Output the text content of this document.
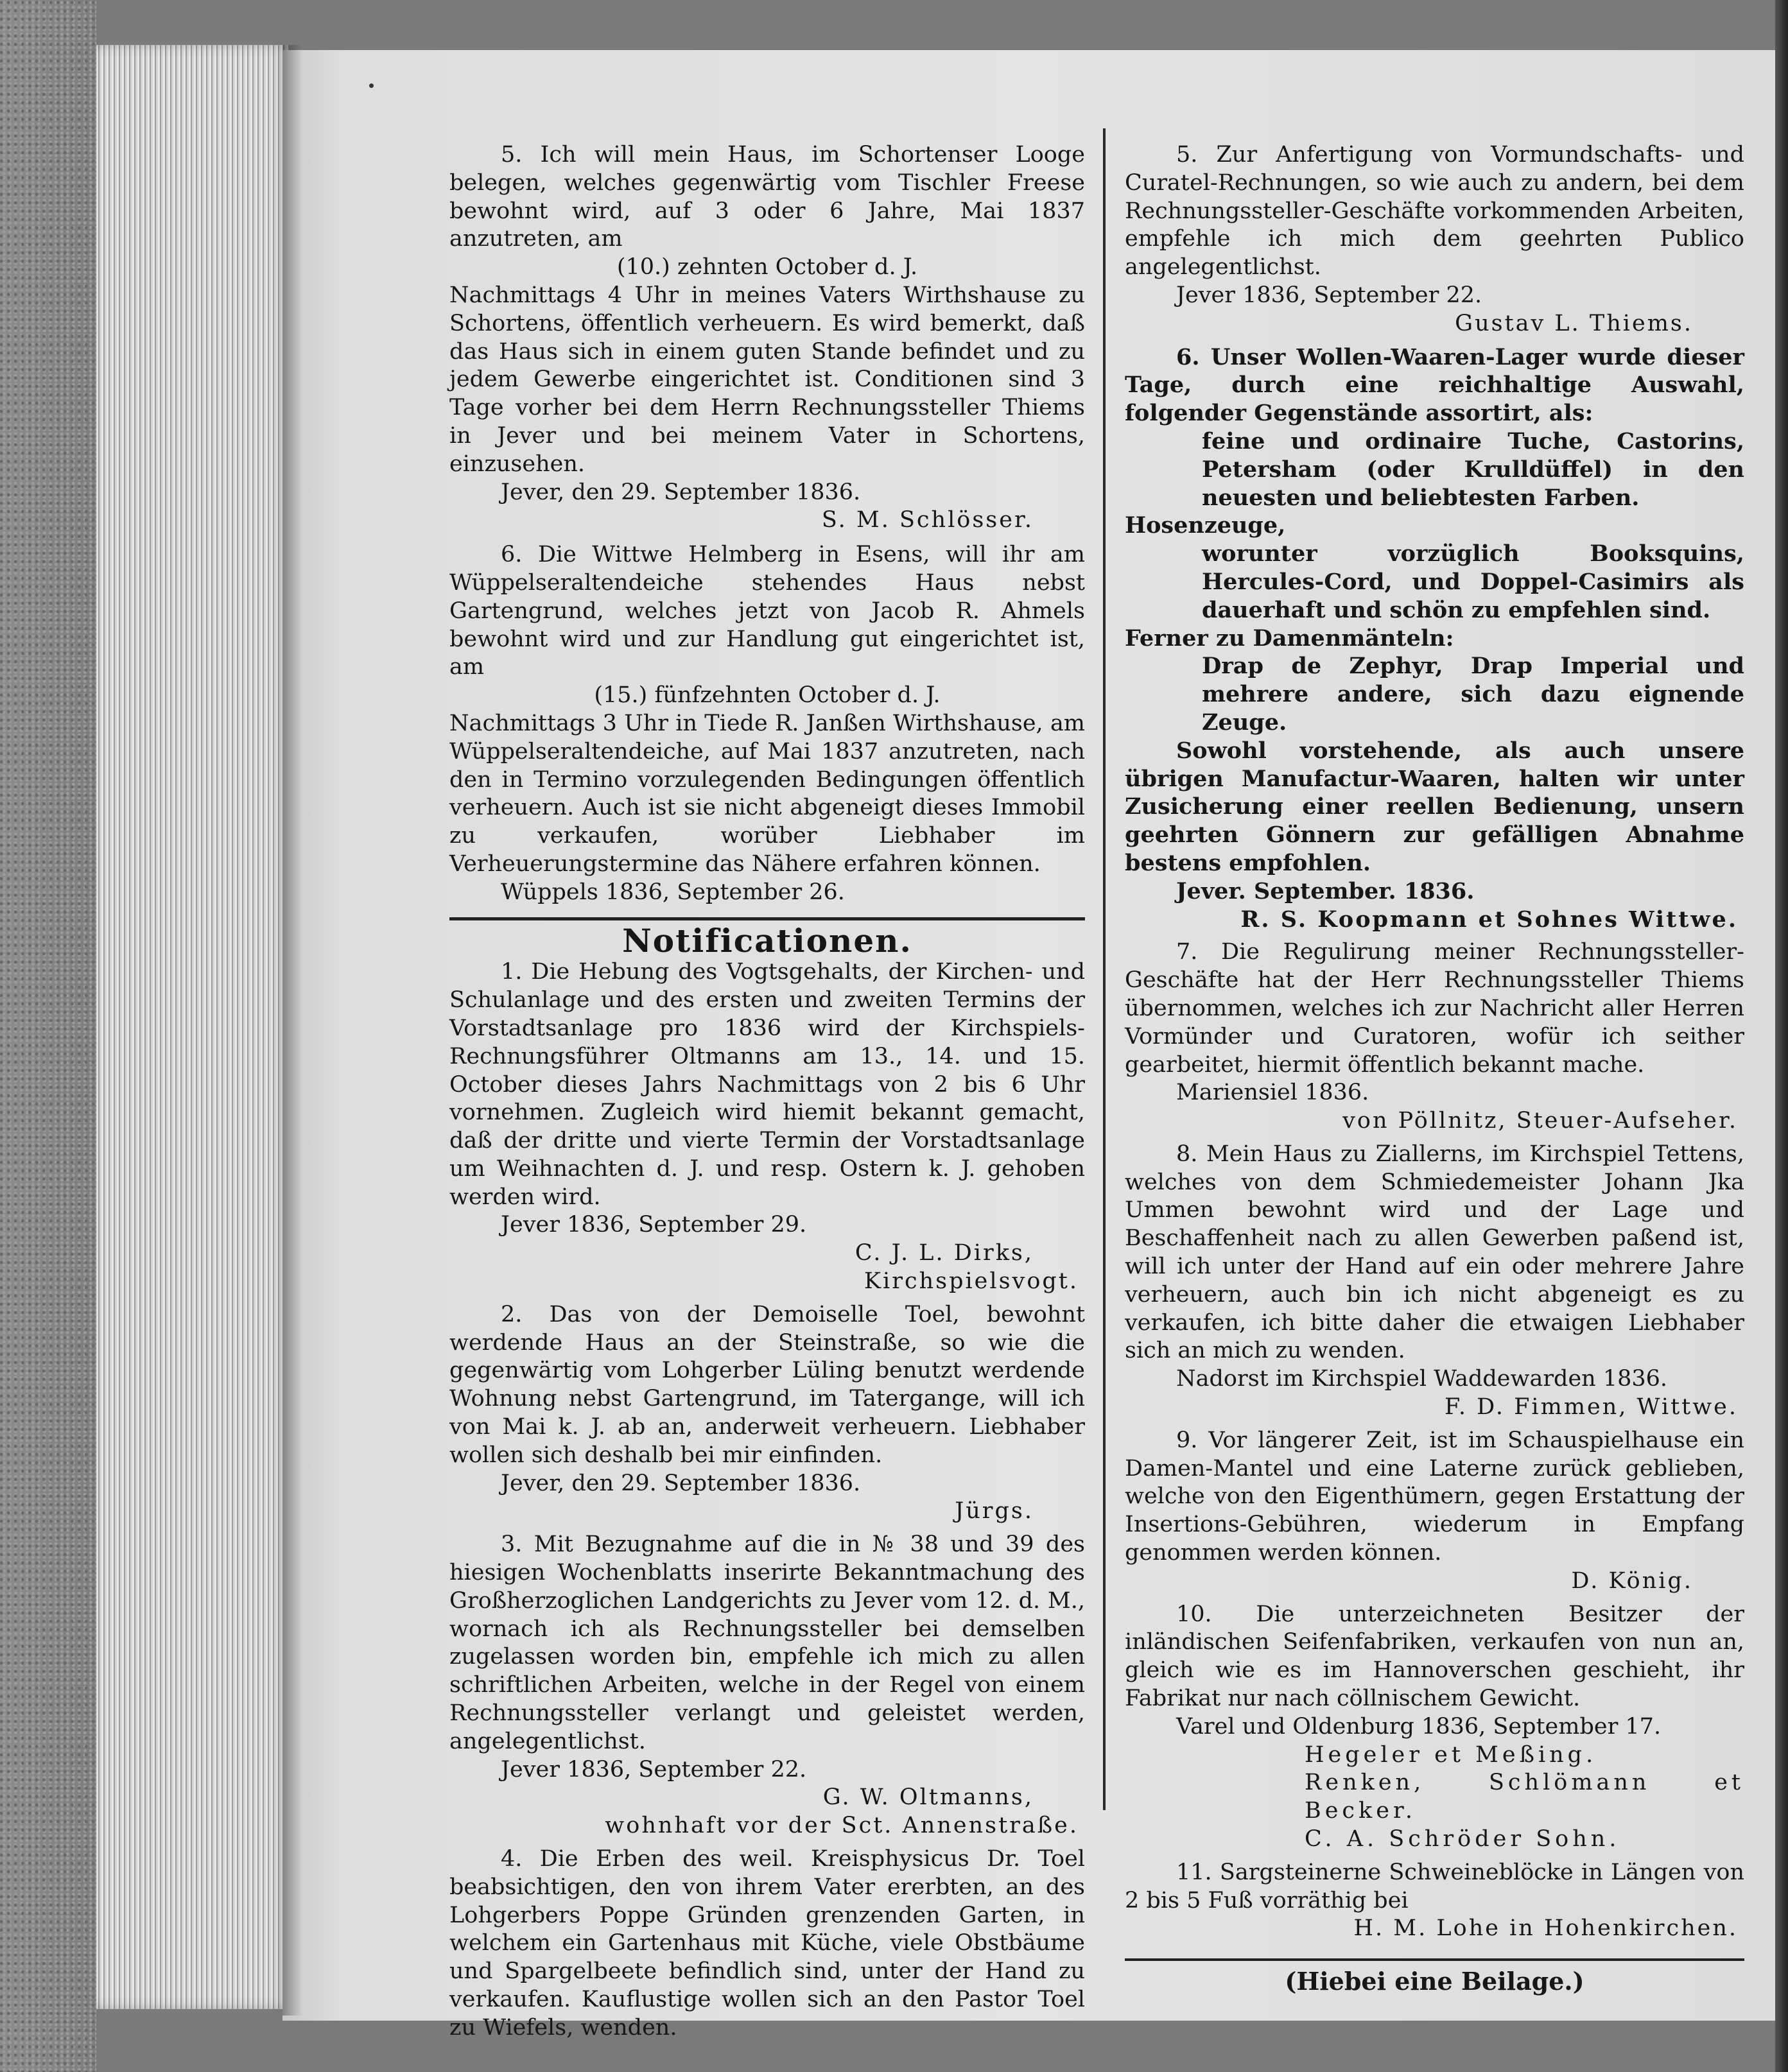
5. Ich will mein Haus, im Schortenser Looge belegen, welches gegenwärtig vom Tischler Freese bewohnt wird, auf 3 oder 6 Jahre, Mai 1837 anzutreten, am

(10.) zehnten October d. J.

Nachmittags 4 Uhr in meines Vaters Wirthshause zu Schortens, öffentlich verheuern. Es wird bemerkt, daß das Haus sich in einem guten Stande befindet und zu jedem Gewerbe eingerichtet ist. Conditionen sind 3 Tage vorher bei dem Herrn Rechnungssteller Thiems in Jever und bei meinem Vater in Schortens, einzusehen.

Jever, den 29. September 1836.

S. M. Schlösser.

6. Die Wittwe Helmberg in Esens, will ihr am Wüppelseraltendeiche stehendes Haus nebst Gartengrund, welches jetzt von Jacob R. Ahmels bewohnt wird und zur Handlung gut eingerichtet ist, am

(15.) fünfzehnten October d. J.

Nachmittags 3 Uhr in Tiede R. Janßen Wirthshause, am Wüppelseraltendeiche, auf Mai 1837 anzutreten, nach den in Termino vorzulegenden Bedingungen öffentlich verheuern. Auch ist sie nicht abgeneigt dieses Immobil zu verkaufen, worüber Liebhaber im Verheuerungstermine das Nähere erfahren können.

Wüppels 1836, September 26.

Notificationen.

1. Die Hebung des Vogtsgehalts, der Kirchen- und Schulanlage und des ersten und zweiten Termins der Vorstadtsanlage pro 1836 wird der Kirchspiels-Rechnungsführer Oltmanns am 13., 14. und 15. October dieses Jahrs Nachmittags von 2 bis 6 Uhr vornehmen. Zugleich wird hiemit bekannt gemacht, daß der dritte und vierte Termin der Vorstadtsanlage um Weihnachten d. J. und resp. Ostern k. J. gehoben werden wird.

Jever 1836, September 29.

C. J. L. Dirks,

Kirchspielsvogt.

2. Das von der Demoiselle Toel, bewohnt werdende Haus an der Steinstraße, so wie die gegenwärtig vom Lohgerber Lüling benutzt werdende Wohnung nebst Gartengrund, im Tatergange, will ich von Mai k. J. ab an, anderweit verheuern. Liebhaber wollen sich deshalb bei mir einfinden.

Jever, den 29. September 1836.

Jürgs.

3. Mit Bezugnahme auf die in № 38 und 39 des hiesigen Wochenblatts inserirte Bekanntmachung des Großherzoglichen Landgerichts zu Jever vom 12. d. M., wornach ich als Rechnungssteller bei demselben zugelassen worden bin, empfehle ich mich zu allen schriftlichen Arbeiten, welche in der Regel von einem Rechnungssteller verlangt und geleistet werden, angelegentlichst.

Jever 1836, September 22.

G. W. Oltmanns,

wohnhaft vor der Sct. Annenstraße.

4. Die Erben des weil. Kreisphysicus Dr. Toel beabsichtigen, den von ihrem Vater ererbten, an des Lohgerbers Poppe Gründen grenzenden Garten, in welchem ein Gartenhaus mit Küche, viele Obstbäume und Spargelbeete befindlich sind, unter der Hand zu verkaufen. Kauflustige wollen sich an den Pastor Toel zu Wiefels, wenden.

5. Zur Anfertigung von Vormundschafts- und Curatel-Rechnungen, so wie auch zu andern, bei dem Rechnungssteller-Geschäfte vorkommenden Arbeiten, empfehle ich mich dem geehrten Publico angelegentlichst.

Jever 1836, September 22.

Gustav L. Thiems.

6. Unser Wollen-Waaren-Lager wurde dieser Tage, durch eine reichhaltige Auswahl, folgender Gegenstände assortirt, als:

feine und ordinaire Tuche, Castorins, Petersham (oder Krulldüffel) in den neuesten und beliebtesten Farben.

Hosenzeuge,

worunter vorzüglich Booksquins, Hercules-Cord, und Doppel-Casimirs als dauerhaft und schön zu empfehlen sind.

Ferner zu Damenmänteln:

Drap de Zephyr, Drap Imperial und mehrere andere, sich dazu eignende Zeuge.

Sowohl vorstehende, als auch unsere übrigen Manufactur-Waaren, halten wir unter Zusicherung einer reellen Bedienung, unsern geehrten Gönnern zur gefälligen Abnahme bestens empfohlen.

Jever. September. 1836.

R. S. Koopmann et Sohnes Wittwe.

7. Die Regulirung meiner Rechnungssteller-Geschäfte hat der Herr Rechnungssteller Thiems übernommen, welches ich zur Nachricht aller Herren Vormünder und Curatoren, wofür ich seither gearbeitet, hiermit öffentlich bekannt mache.

Mariensiel 1836.

von Pöllnitz, Steuer-Aufseher.

8. Mein Haus zu Ziallerns, im Kirchspiel Tettens, welches von dem Schmiedemeister Johann Jka Ummen bewohnt wird und der Lage und Beschaffenheit nach zu allen Gewerben paßend ist, will ich unter der Hand auf ein oder mehrere Jahre verheuern, auch bin ich nicht abgeneigt es zu verkaufen, ich bitte daher die etwaigen Liebhaber sich an mich zu wenden.

Nadorst im Kirchspiel Waddewarden 1836.

F. D. Fimmen, Wittwe.

9. Vor längerer Zeit, ist im Schauspielhause ein Damen-Mantel und eine Laterne zurück geblieben, welche von den Eigenthümern, gegen Erstattung der Insertions-Gebühren, wiederum in Empfang genommen werden können.

D. König.

10. Die unterzeichneten Besitzer der inländischen Seifenfabriken, verkaufen von nun an, gleich wie es im Hannoverschen geschieht, ihr Fabrikat nur nach cöllnischem Gewicht.

Varel und Oldenburg 1836, September 17.

Hegeler et Meßing.

Renken, Schlömann et Becker.

C. A. Schröder Sohn.

11. Sargsteinerne Schweineblöcke in Längen von 2 bis 5 Fuß vorräthig bei

H. M. Lohe in Hohenkirchen.

(Hiebei eine Beilage.)
